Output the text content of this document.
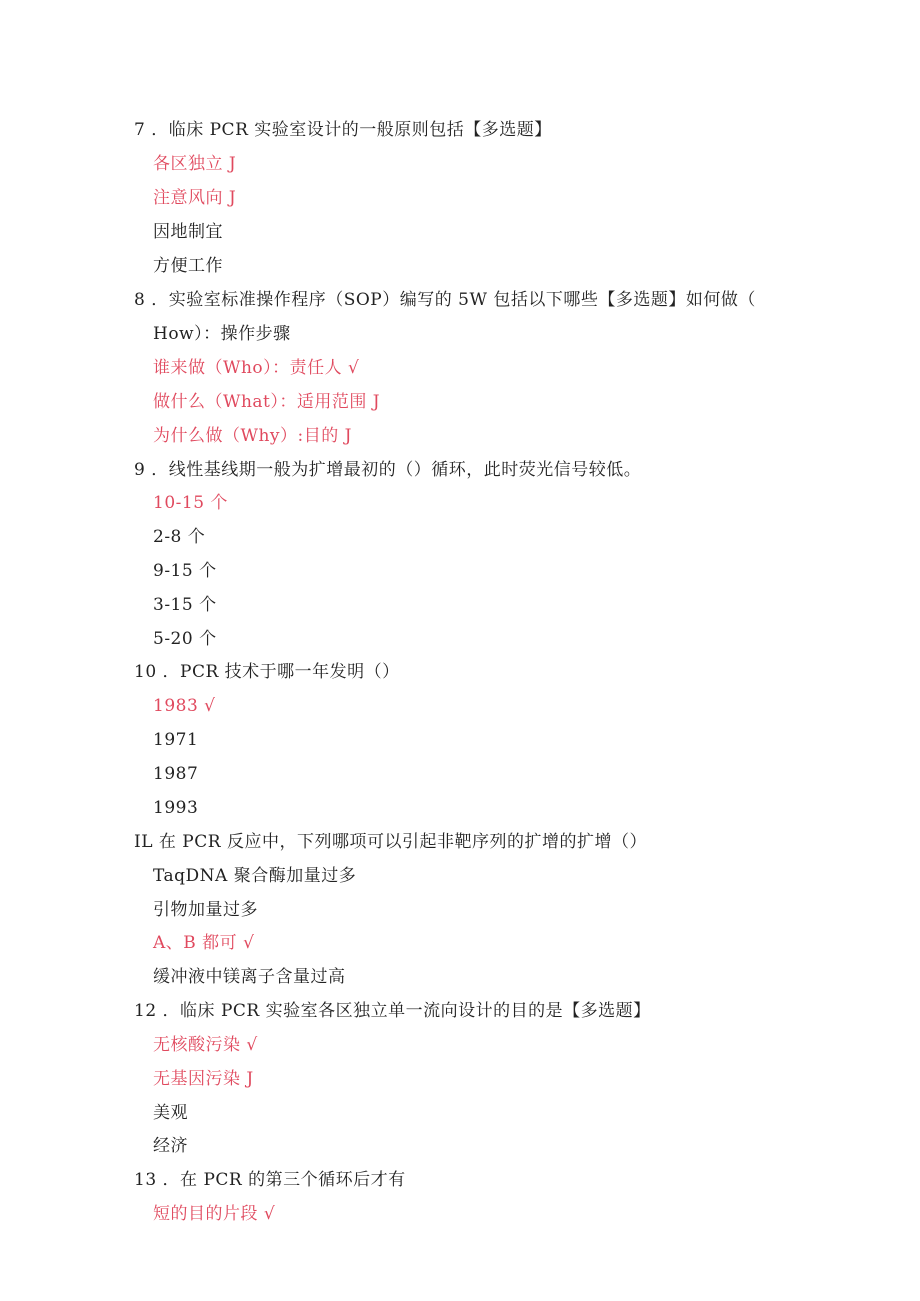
7 ．临床 PCR 实验室设计的一般原则包括【多选题】
各区独立 J
注意风向 J
因地制宜
方便工作
8 ．实验室标准操作程序（SOP）编写的 5W 包括以下哪些【多选题】如何做（
How）：操作步骤
谁来做（Who）：责任人 √
做什么（What）：适用范围 J
为什么做（Why）:目的 J
9 ．线性基线期一般为扩增最初的（）循环，此时荧光信号较低。
10-15 个
2-8 个
9-15 个
3-15 个
5-20 个
10 ．PCR 技术于哪一年发明（）
1983 √
1971
1987
1993
IL 在 PCR 反应中，下列哪项可以引起非靶序列的扩增的扩增（）
TaqDNA 聚合酶加量过多
引物加量过多
A、B 都可 √
缓冲液中镁离子含量过高
12 ．临床 PCR 实验室各区独立单一流向设计的目的是【多选题】
无核酸污染 √
无基因污染 J
美观
经济
13 ．在 PCR 的第三个循环后才有
短的目的片段 √
